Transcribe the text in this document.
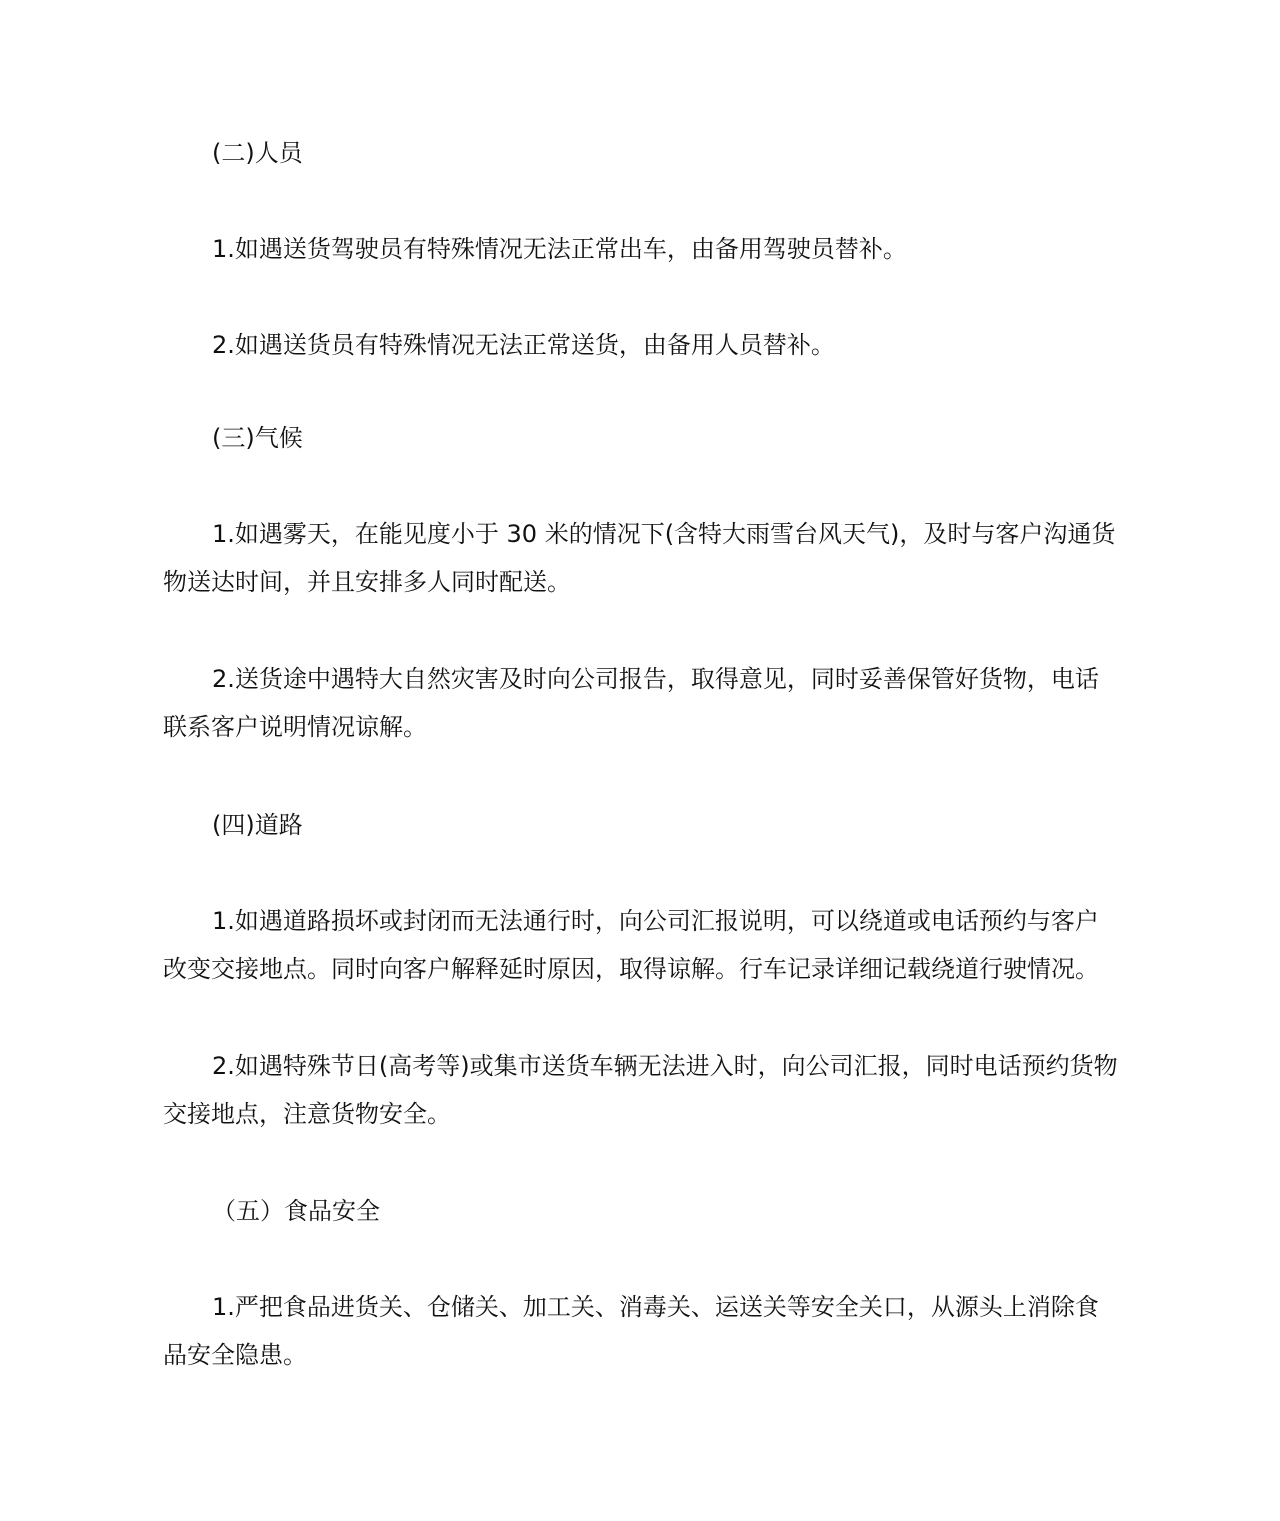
(二)人员

1.如遇送货驾驶员有特殊情况无法正常出车，由备用驾驶员替补。

2.如遇送货员有特殊情况无法正常送货，由备用人员替补。

(三)气候

1.如遇雾天，在能见度小于 30 米的情况下(含特大雨雪台风天气)，及时与客户沟通货
物送达时间，并且安排多人同时配送。

2.送货途中遇特大自然灾害及时向公司报告，取得意见，同时妥善保管好货物，电话
联系客户说明情况谅解。

(四)道路

1.如遇道路损坏或封闭而无法通行时，向公司汇报说明，可以绕道或电话预约与客户
改变交接地点。同时向客户解释延时原因，取得谅解。行车记录详细记载绕道行驶情况。

2.如遇特殊节日(高考等)或集市送货车辆无法进入时，向公司汇报，同时电话预约货物
交接地点，注意货物安全。

（五）食品安全

1.严把食品进货关、仓储关、加工关、消毒关、运送关等安全关口，从源头上消除食
品安全隐患。
